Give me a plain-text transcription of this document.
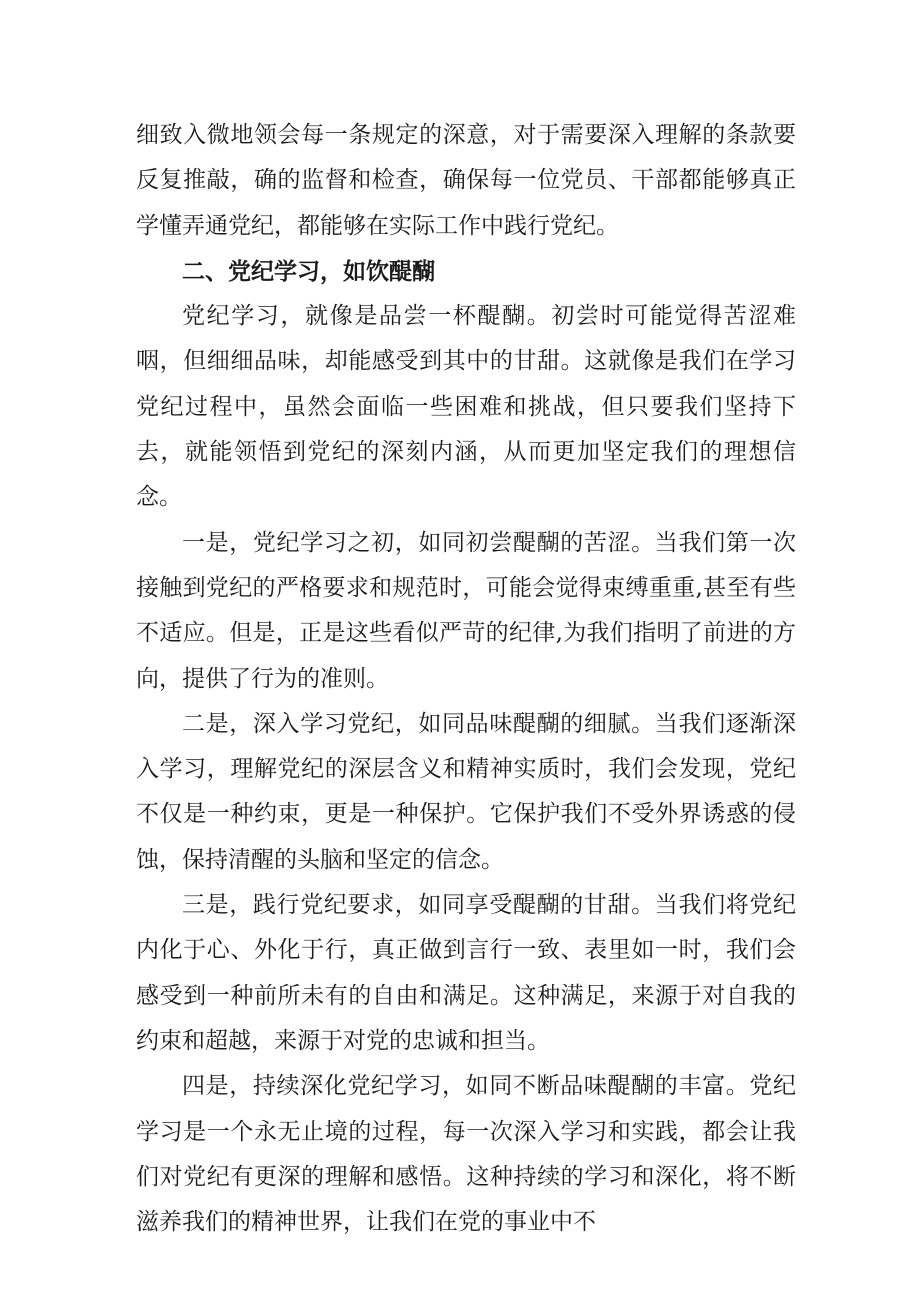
细致入微地领会每一条规定的深意，对于需要深入理解的条款要反复推敲，确的监督和检查，确保每一位党员、干部都能够真正学懂弄通党纪，都能够在实际工作中践行党纪。

二、党纪学习，如饮醍醐

党纪学习，就像是品尝一杯醍醐。初尝时可能觉得苦涩难咽，但细细品味，却能感受到其中的甘甜。这就像是我们在学习党纪过程中，虽然会面临一些困难和挑战，但只要我们坚持下去，就能领悟到党纪的深刻内涵，从而更加坚定我们的理想信念。

一是，党纪学习之初，如同初尝醍醐的苦涩。当我们第一次接触到党纪的严格要求和规范时，可能会觉得束缚重重,甚至有些不适应。但是，正是这些看似严苛的纪律,为我们指明了前进的方向，提供了行为的准则。

二是，深入学习党纪，如同品味醍醐的细腻。当我们逐渐深入学习，理解党纪的深层含义和精神实质时，我们会发现，党纪不仅是一种约束，更是一种保护。它保护我们不受外界诱惑的侵蚀，保持清醒的头脑和坚定的信念。

三是，践行党纪要求，如同享受醍醐的甘甜。当我们将党纪内化于心、外化于行，真正做到言行一致、表里如一时，我们会感受到一种前所未有的自由和满足。这种满足，来源于对自我的约束和超越，来源于对党的忠诚和担当。

四是，持续深化党纪学习，如同不断品味醍醐的丰富。党纪学习是一个永无止境的过程，每一次深入学习和实践，都会让我们对党纪有更深的理解和感悟。这种持续的学习和深化，将不断滋养我们的精神世界，让我们在党的事业中不
